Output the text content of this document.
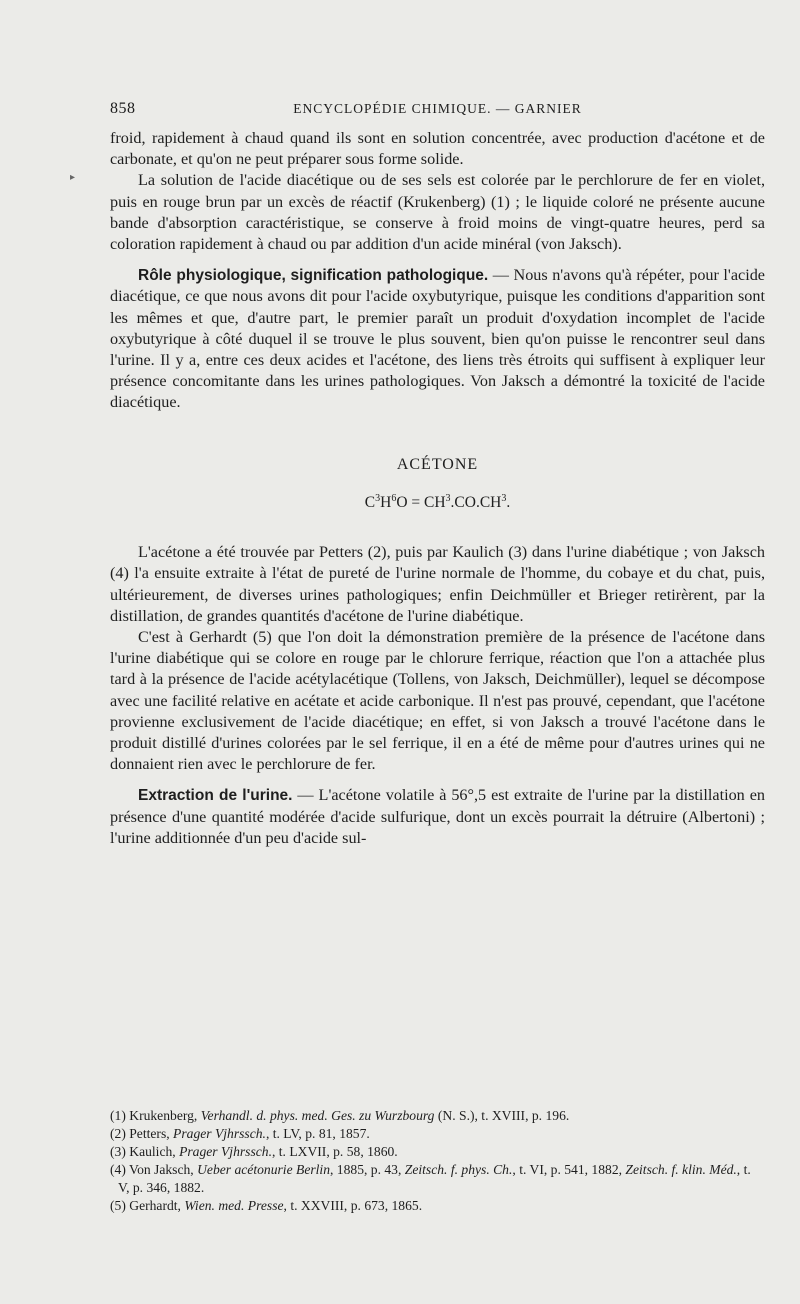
858	ENCYCLOPÉDIE CHIMIQUE. — GARNIER
▸

froid, rapidement à chaud quand ils sont en solution concentrée, avec production d'acétone et de carbonate, et qu'on ne peut préparer sous forme solide.

La solution de l'acide diacétique ou de ses sels est colorée par le perchlorure de fer en violet, puis en rouge brun par un excès de réactif (Krukenberg) (1) ; le liquide coloré ne présente aucune bande d'absorption caractéristique, se conserve à froid moins de vingt-quatre heures, perd sa coloration rapidement à chaud ou par addition d'un acide minéral (von Jaksch).

Rôle physiologique, signification pathologique. — Nous n'avons qu'à répéter, pour l'acide diacétique, ce que nous avons dit pour l'acide oxybutyrique, puisque les conditions d'apparition sont les mêmes et que, d'autre part, le premier paraît un produit d'oxydation incomplet de l'acide oxybutyrique à côté duquel il se trouve le plus souvent, bien qu'on puisse le rencontrer seul dans l'urine. Il y a, entre ces deux acides et l'acétone, des liens très étroits qui suffisent à expliquer leur présence concomitante dans les urines pathologiques. Von Jaksch a démontré la toxicité de l'acide diacétique.

ACÉTONE

$C^3H^6O = CH^3.CO.CH^3$.

L'acétone a été trouvée par Petters (2), puis par Kaulich (3) dans l'urine diabétique ; von Jaksch (4) l'a ensuite extraite à l'état de pureté de l'urine normale de l'homme, du cobaye et du chat, puis, ultérieurement, de diverses urines pathologiques; enfin Deichmüller et Brieger retirèrent, par la distillation, de grandes quantités d'acétone de l'urine diabétique.

C'est à Gerhardt (5) que l'on doit la démonstration première de la présence de l'acétone dans l'urine diabétique qui se colore en rouge par le chlorure ferrique, réaction que l'on a attachée plus tard à la présence de l'acide acétylacétique (Tollens, von Jaksch, Deichmüller), lequel se décompose avec une facilité relative en acétate et acide carbonique. Il n'est pas prouvé, cependant, que l'acétone provienne exclusivement de l'acide diacétique; en effet, si von Jaksch a trouvé l'acétone dans le produit distillé d'urines colorées par le sel ferrique, il en a été de même pour d'autres urines qui ne donnaient rien avec le perchlorure de fer.

Extraction de l'urine. — L'acétone volatile à 56°,5 est extraite de l'urine par la distillation en présence d'une quantité modérée d'acide sulfurique, dont un excès pourrait la détruire (Albertoni) ; l'urine additionnée d'un peu d'acide sul-

(1) Krukenberg, Verhandl. d. phys. med. Ges. zu Wurzbourg (N. S.), t. XVIII, p. 196.

(2) Petters, Prager Vjhrssch., t. LV, p. 81, 1857.

(3) Kaulich, Prager Vjhrssch., t. LXVII, p. 58, 1860.

(4) Von Jaksch, Ueber acétonurie Berlin, 1885, p. 43, Zeitsch. f. phys. Ch., t. VI, p. 541, 1882, Zeitsch. f. klin. Méd., t. V, p. 346, 1882.

(5) Gerhardt, Wien. med. Presse, t. XXVIII, p. 673, 1865.
